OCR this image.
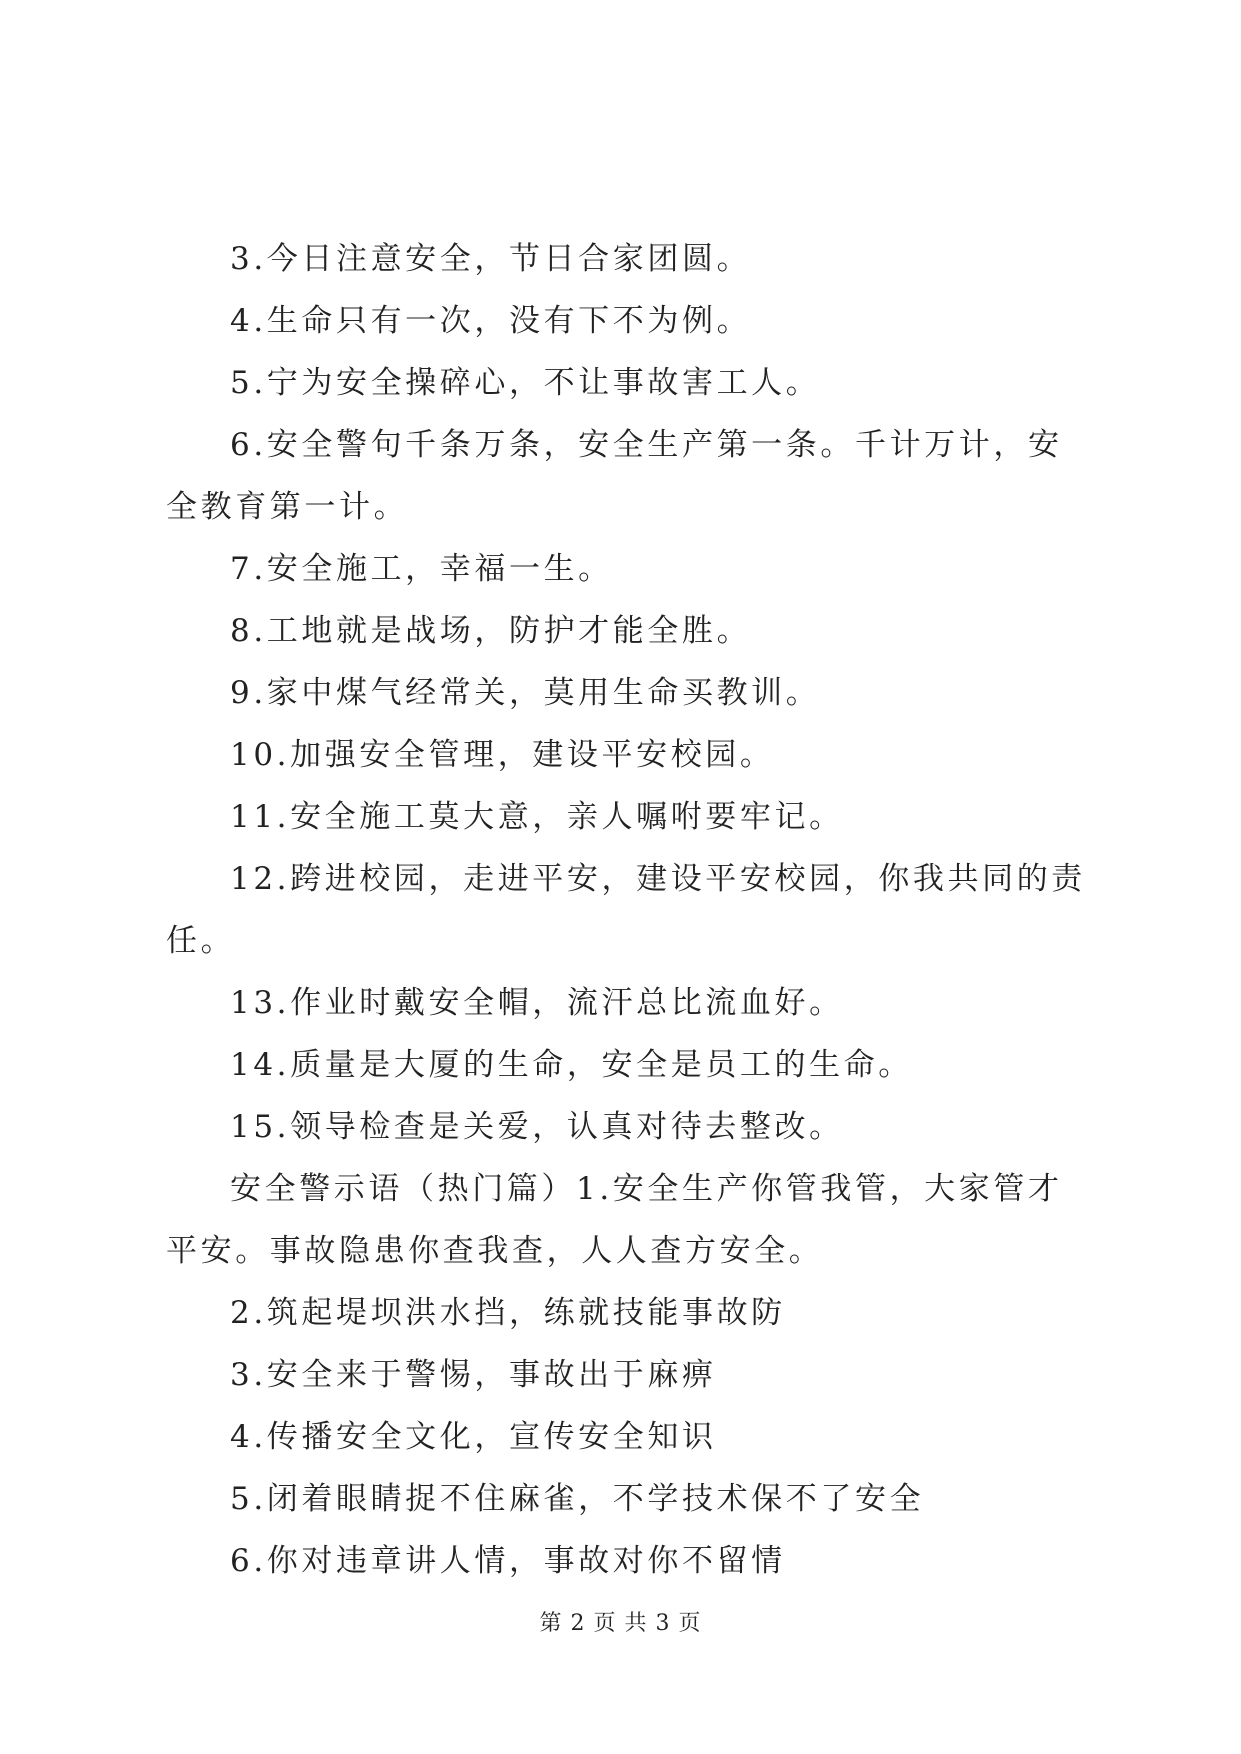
3.今日注意安全，节日合家团圆。

4.生命只有一次，没有下不为例。

5.宁为安全操碎心，不让事故害工人。

6.安全警句千条万条，安全生产第一条。千计万计，安全教育第一计。

7.安全施工，幸福一生。

8.工地就是战场，防护才能全胜。

9.家中煤气经常关，莫用生命买教训。

10.加强安全管理，建设平安校园。

11.安全施工莫大意，亲人嘱咐要牢记。

12.跨进校园，走进平安，建设平安校园，你我共同的责任。

13.作业时戴安全帽，流汗总比流血好。

14.质量是大厦的生命，安全是员工的生命。

15.领导检查是关爱，认真对待去整改。

安全警示语（热门篇）1.安全生产你管我管，大家管才平安。事故隐患你查我查，人人查方安全。

2.筑起堤坝洪水挡，练就技能事故防

3.安全来于警惕，事故出于麻痹

4.传播安全文化，宣传安全知识

5.闭着眼睛捉不住麻雀，不学技术保不了安全

6.你对违章讲人情，事故对你不留情

第 2 页 共 3 页
